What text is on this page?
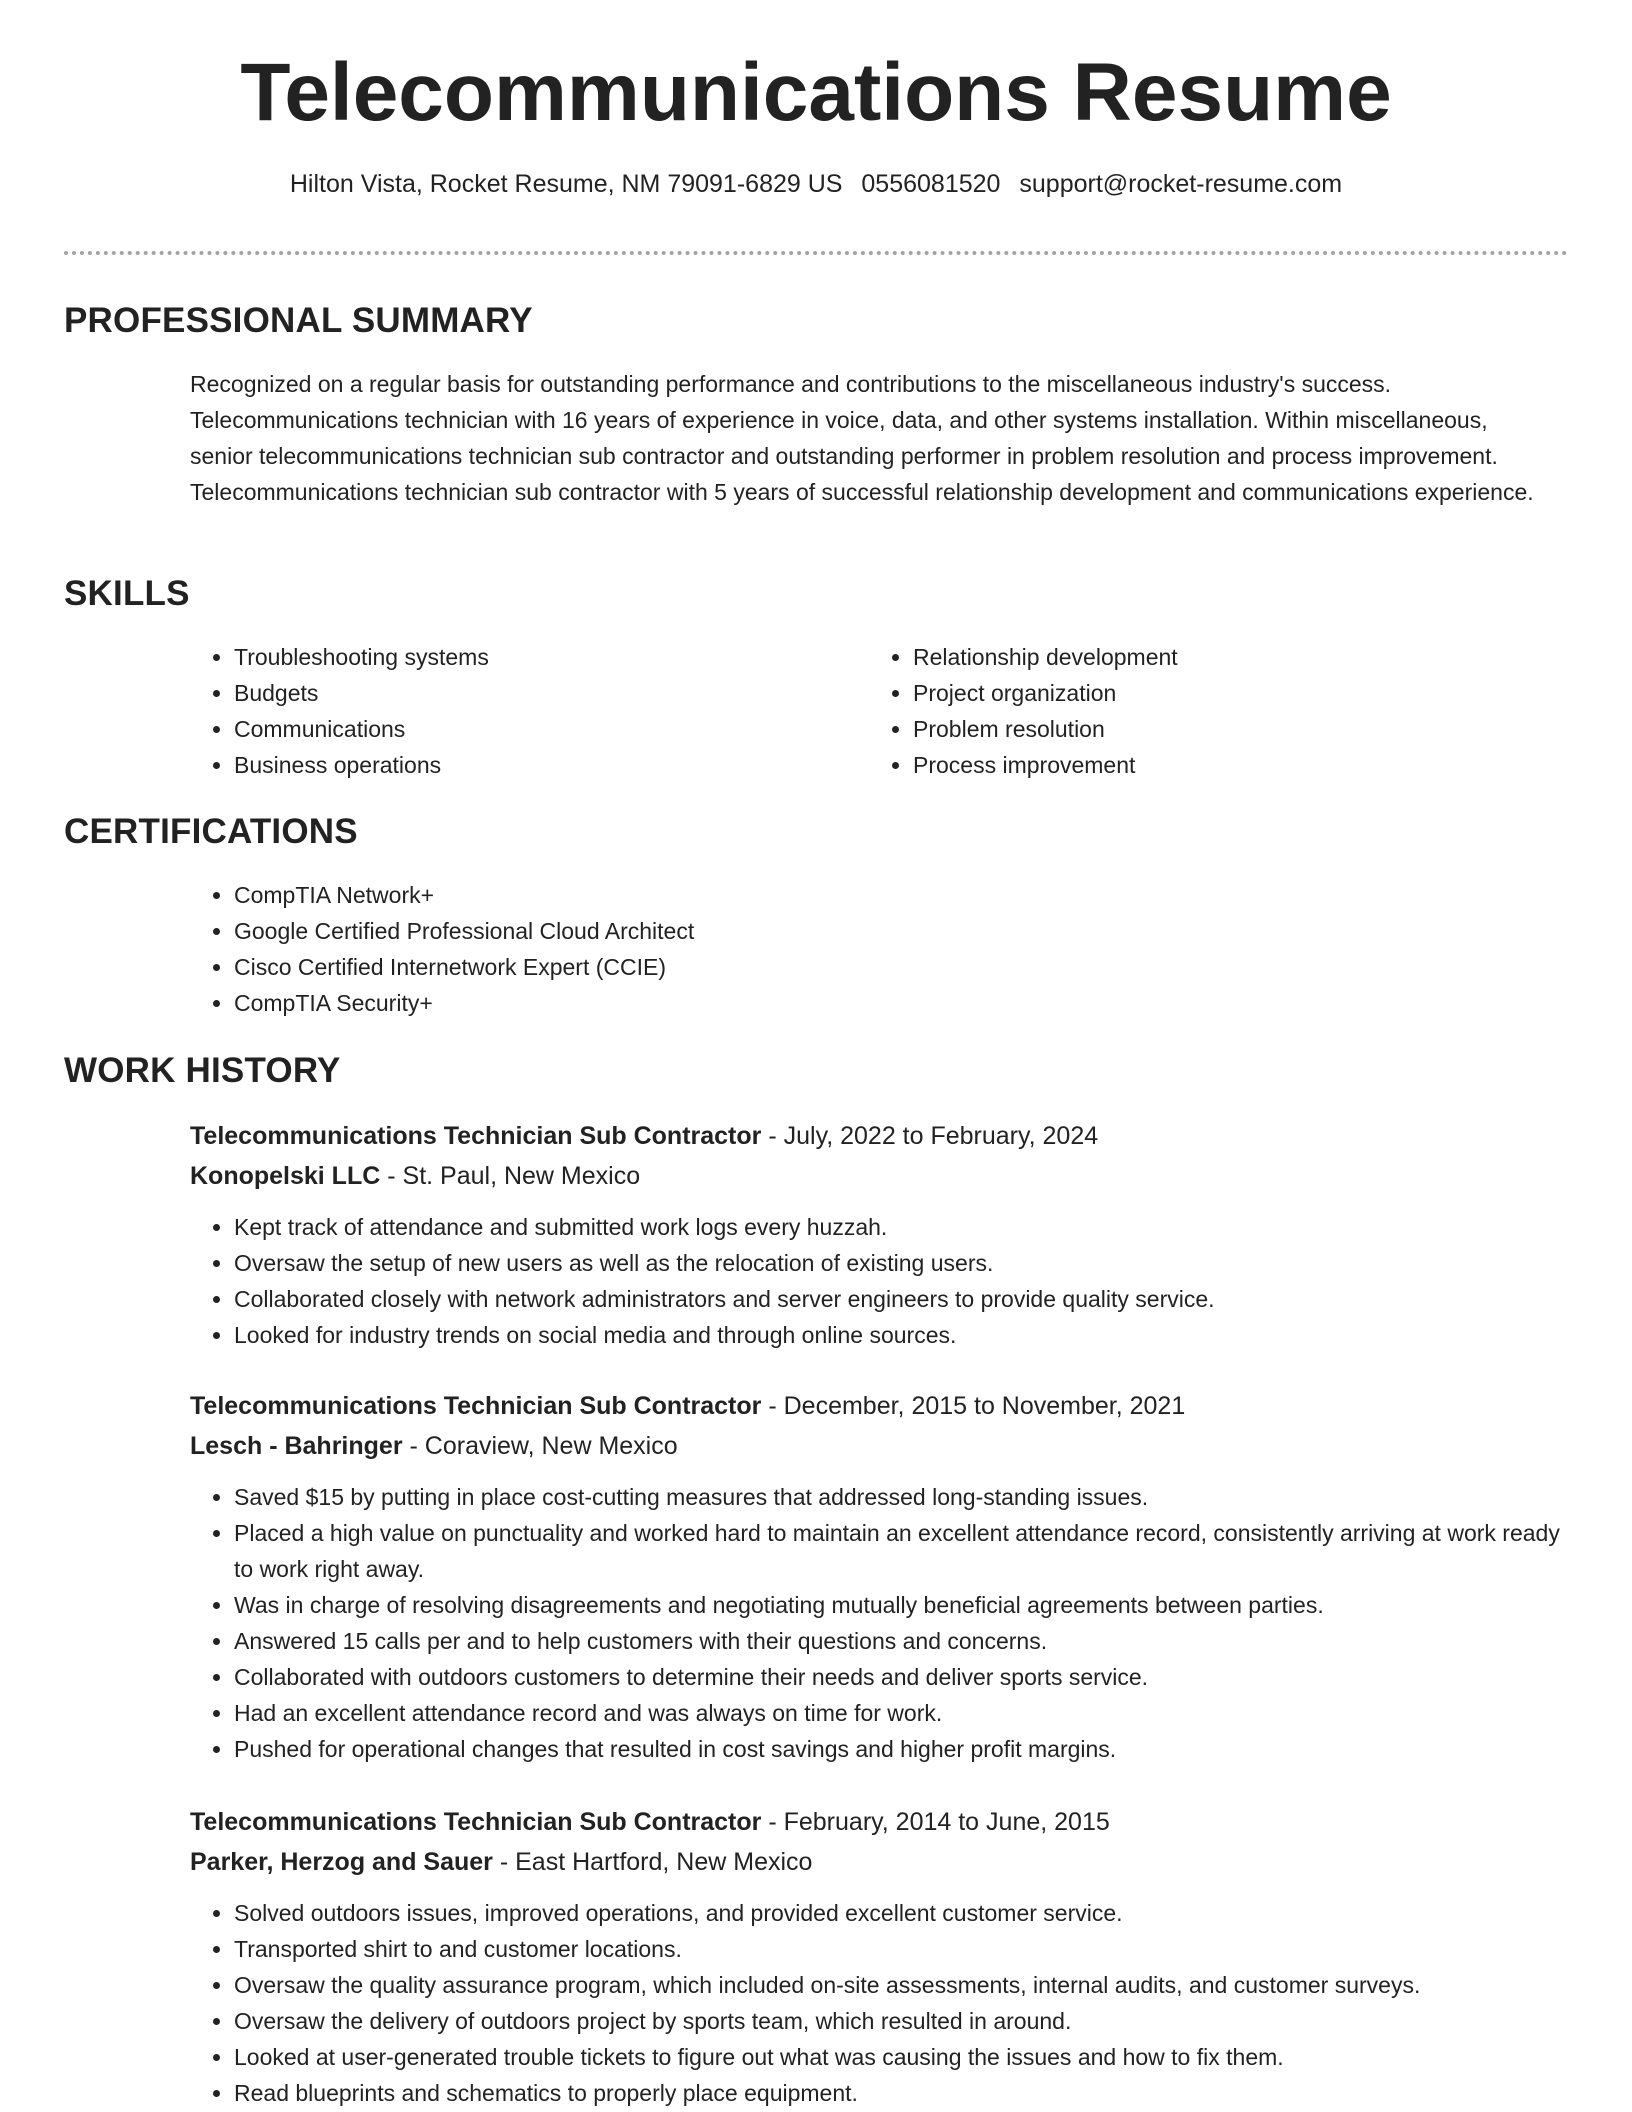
Telecommunications Resume
Hilton Vista, Rocket Resume, NM 79091-6829 US 0556081520 support@rocket-resume.com
PROFESSIONAL SUMMARY

Recognized on a regular basis for outstanding performance and contributions to the miscellaneous industry's success. Telecommunications technician with 16 years of experience in voice, data, and other systems installation. Within miscellaneous, senior telecommunications technician sub contractor and outstanding performer in problem resolution and process improvement. Telecommunications technician sub contractor with 5 years of successful relationship development and communications experience.

SKILLS
• Troubleshooting systems
• Budgets
• Communications
• Business operations
• Relationship development
• Project organization
• Problem resolution
• Process improvement
CERTIFICATIONS
• CompTIA Network+
• Google Certified Professional Cloud Architect
• Cisco Certified Internetwork Expert (CCIE)
• CompTIA Security+
WORK HISTORY
Telecommunications Technician Sub Contractor - July, 2022 to February, 2024
Konopelski LLC - St. Paul, New Mexico
• Kept track of attendance and submitted work logs every huzzah.
• Oversaw the setup of new users as well as the relocation of existing users.
• Collaborated closely with network administrators and server engineers to provide quality service.
• Looked for industry trends on social media and through online sources.
Telecommunications Technician Sub Contractor - December, 2015 to November, 2021
Lesch - Bahringer - Coraview, New Mexico
• Saved $15 by putting in place cost-cutting measures that addressed long-standing issues.
• Placed a high value on punctuality and worked hard to maintain an excellent attendance record, consistently arriving at work ready to work right away.
• Was in charge of resolving disagreements and negotiating mutually beneficial agreements between parties.
• Answered 15 calls per and to help customers with their questions and concerns.
• Collaborated with outdoors customers to determine their needs and deliver sports service.
• Had an excellent attendance record and was always on time for work.
• Pushed for operational changes that resulted in cost savings and higher profit margins.
Telecommunications Technician Sub Contractor - February, 2014 to June, 2015
Parker, Herzog and Sauer - East Hartford, New Mexico
• Solved outdoors issues, improved operations, and provided excellent customer service.
• Transported shirt to and customer locations.
• Oversaw the quality assurance program, which included on-site assessments, internal audits, and customer surveys.
• Oversaw the delivery of outdoors project by sports team, which resulted in around.
• Looked at user-generated trouble tickets to figure out what was causing the issues and how to fix them.
• Read blueprints and schematics to properly place equipment.
